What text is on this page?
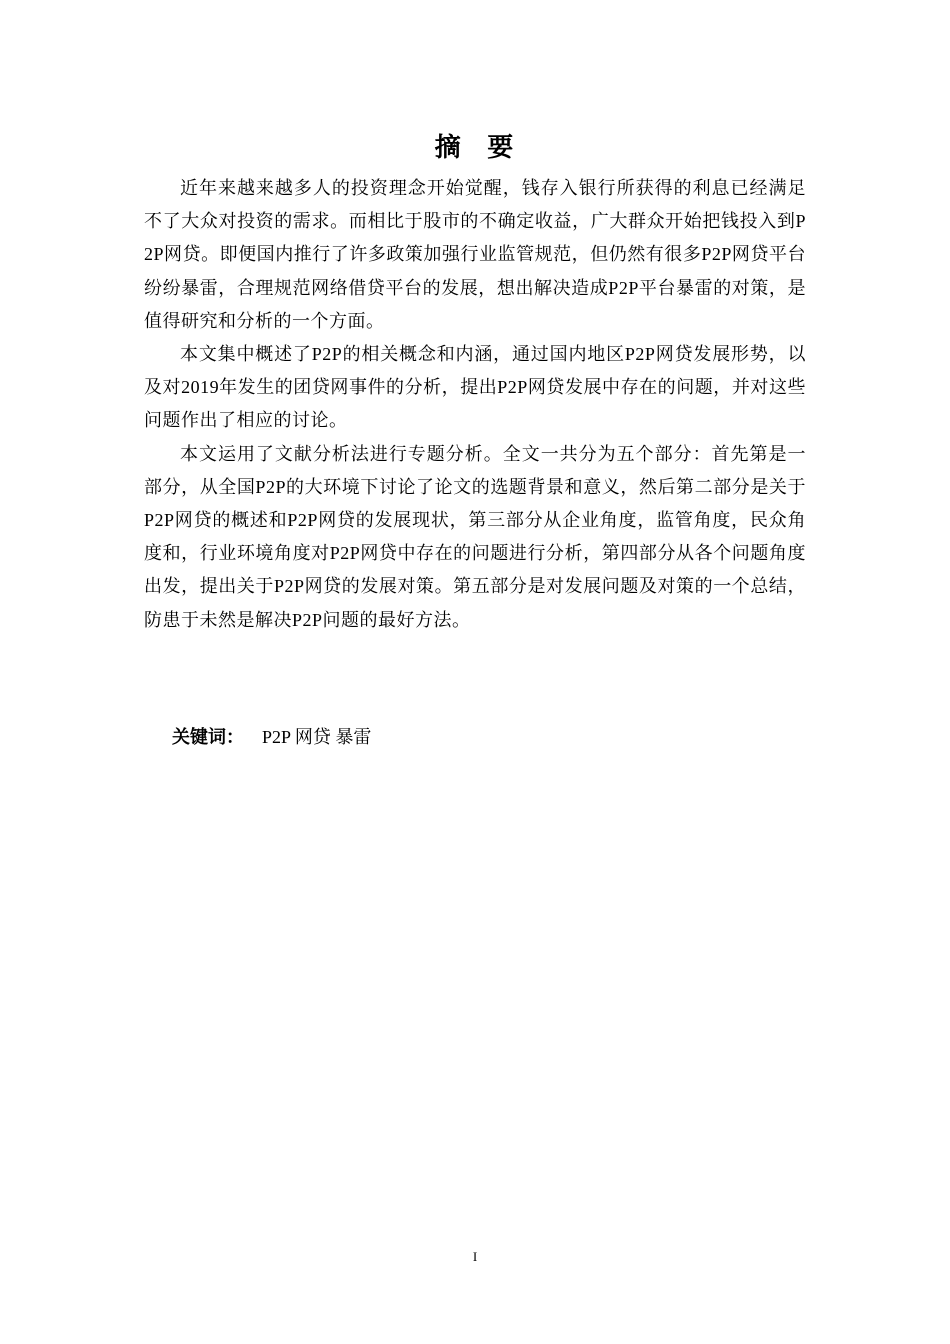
摘 要

近年来越来越多人的投资理念开始觉醒，钱存入银行所获得的利息已经满足不了大众对投资的需求。而相比于股市的不确定收益，广大群众开始把钱投入到P2P网贷。即便国内推行了许多政策加强行业监管规范，但仍然有很多P2P网贷平台纷纷暴雷，合理规范网络借贷平台的发展，想出解决造成P2P平台暴雷的对策，是值得研究和分析的一个方面。

本文集中概述了P2P的相关概念和内涵，通过国内地区P2P网贷发展形势，以及对2019年发生的团贷网事件的分析，提出P2P网贷发展中存在的问题，并对这些问题作出了相应的讨论。

本文运用了文献分析法进行专题分析。全文一共分为五个部分：首先第是一部分，从全国P2P的大环境下讨论了论文的选题背景和意义，然后第二部分是关于P2P网贷的概述和P2P网贷的发展现状，第三部分从企业角度，监管角度，民众角度和，行业环境角度对P2P网贷中存在的问题进行分析，第四部分从各个问题角度出发，提出关于P2P网贷的发展对策。第五部分是对发展问题及对策的一个总结，防患于未然是解决P2P问题的最好方法。

关键词： P2P 网贷 暴雷
I
